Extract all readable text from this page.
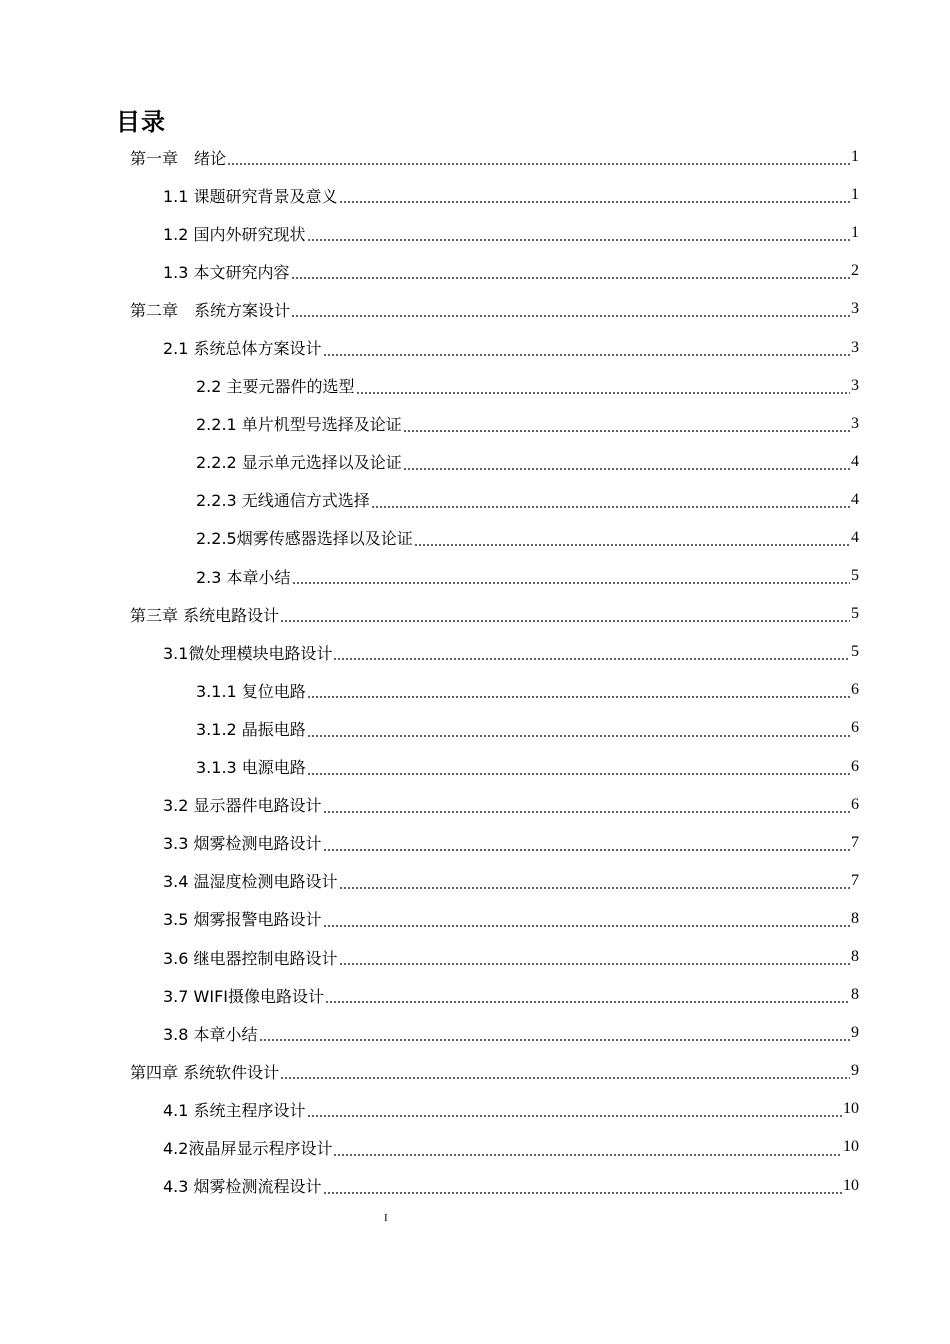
目录
第一章　绪论	1
1.1 课题研究背景及意义	1
1.2 国内外研究现状	1
1.3 本文研究内容	2
第二章　系统方案设计	3
2.1 系统总体方案设计	3
2.2 主要元器件的选型	3
2.2.1 单片机型号选择及论证	3
2.2.2 显示单元选择以及论证	4
2.2.3 无线通信方式选择	4
2.2.5烟雾传感器选择以及论证	4
2.3 本章小结	5
第三章 系统电路设计	5
3.1微处理模块电路设计	5
3.1.1 复位电路	6
3.1.2 晶振电路	6
3.1.3 电源电路	6
3.2 显示器件电路设计	6
3.3 烟雾检测电路设计	7
3.4 温湿度检测电路设计	7
3.5 烟雾报警电路设计	8
3.6 继电器控制电路设计	8
3.7 WIFI摄像电路设计	8
3.8 本章小结	9
第四章 系统软件设计	9
4.1 系统主程序设计	10
4.2液晶屏显示程序设计	10
4.3 烟雾检测流程设计	10
I
